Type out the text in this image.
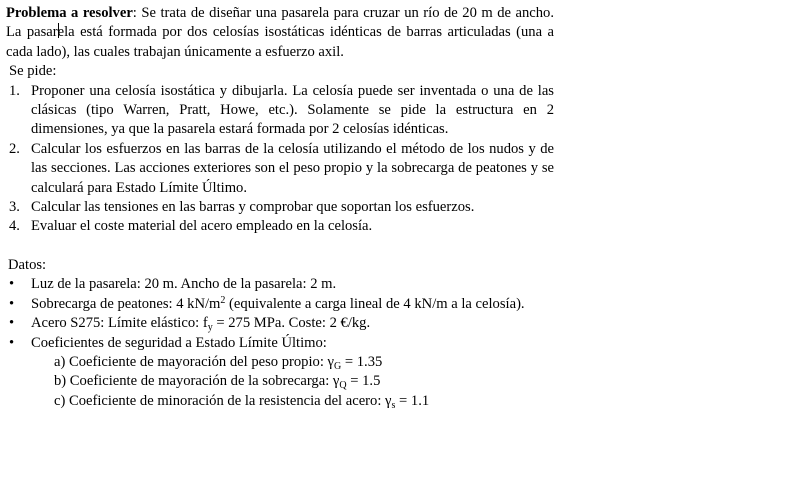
Problema a resolver: Se trata de diseñar una pasarela para cruzar un río de 20 m de ancho. La pasarela está formada por dos celosías isostáticas idénticas de barras articuladas (una a cada lado), las cuales trabajan únicamente a esfuerzo axil.

Se pide:
1. Proponer una celosía isostática y dibujarla. La celosía puede ser inventada o una de las clásicas (tipo Warren, Pratt, Howe, etc.). Solamente se pide la estructura en 2 dimensiones, ya que la pasarela estará formada por 2 celosías idénticas.
2. Calcular los esfuerzos en las barras de la celosía utilizando el método de los nudos y de las secciones. Las acciones exteriores son el peso propio y la sobrecarga de peatones y se calculará para Estado Límite Último.
3. Calcular las tensiones en las barras y comprobar que soportan los esfuerzos.
4. Evaluar el coste material del acero empleado en la celosía.
Datos:
• Luz de la pasarela: 20 m. Ancho de la pasarela: 2 m.
• Sobrecarga de peatones: 4 $kN/m^2$ (equivalente a carga lineal de 4 kN/m a la celosía).
• Acero S275: Límite elástico: $f_y = 275$ MPa. Coste: 2 €/kg.
• Coeficientes de seguridad a Estado Límite Último:
a) Coeficiente de mayoración del peso propio: $\gamma_G = 1.35$
b) Coeficiente de mayoración de la sobrecarga: $\gamma_Q = 1.5$
c) Coeficiente de minoración de la resistencia del acero: $\gamma_s = 1.1$
